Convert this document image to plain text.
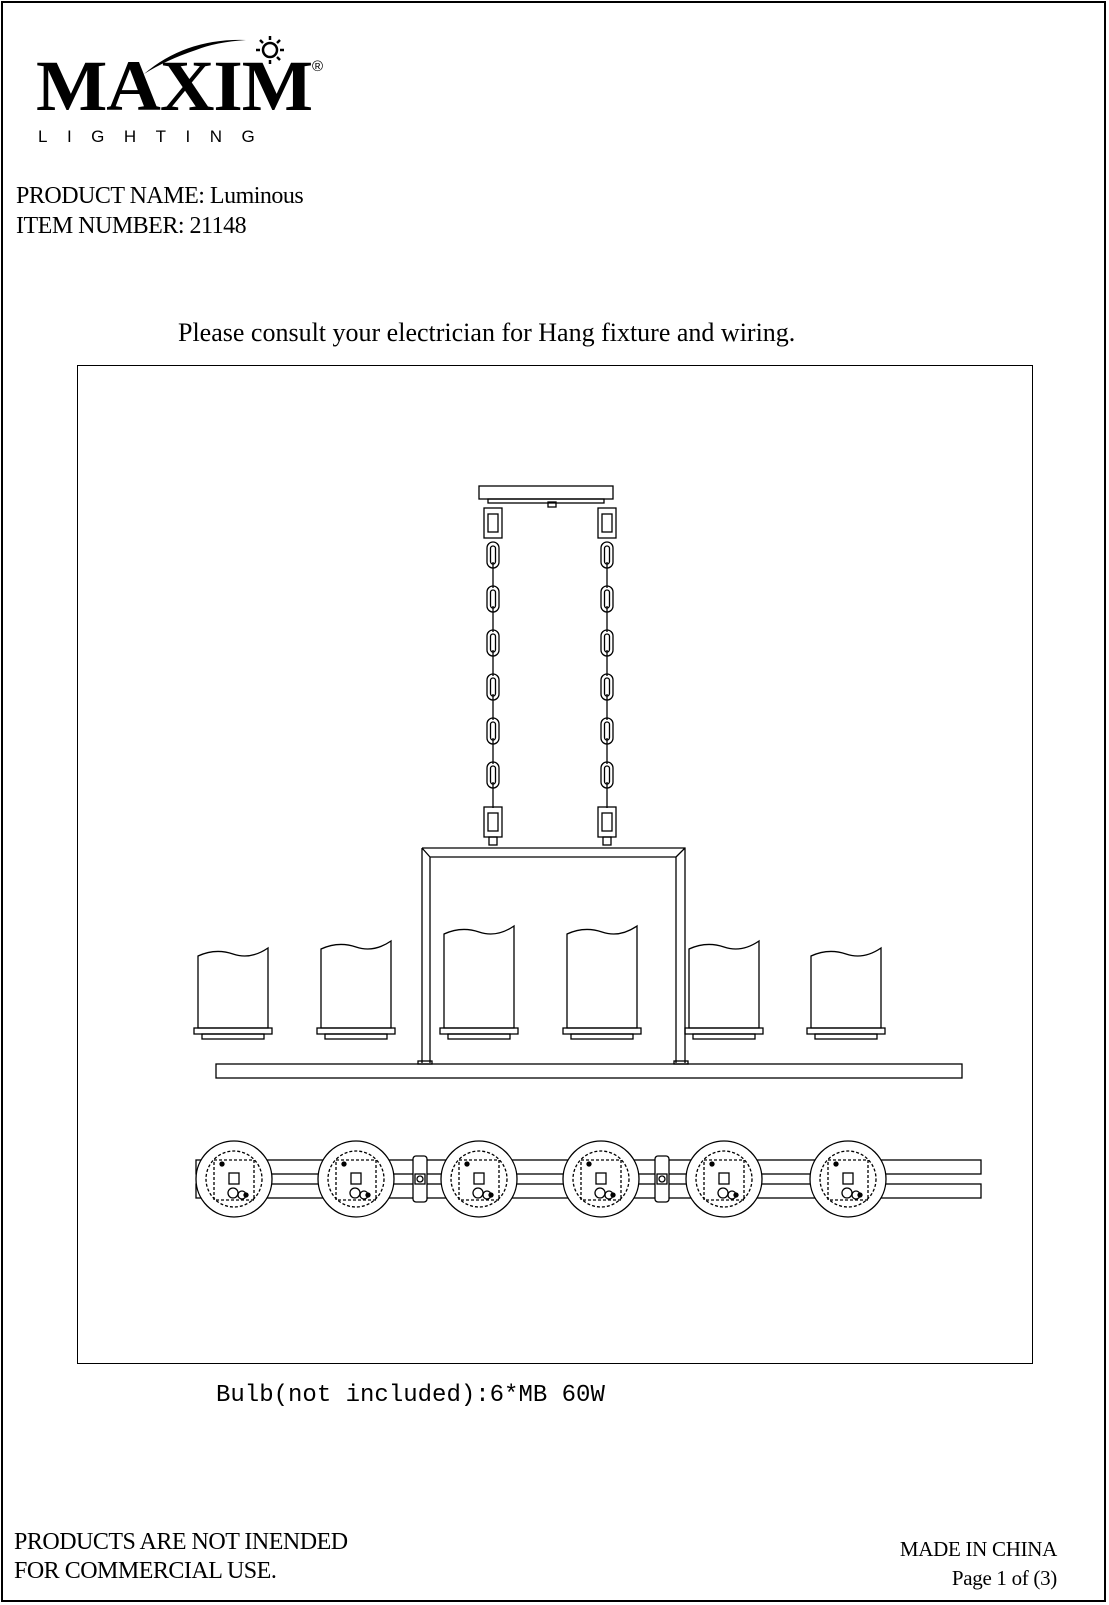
MAXIM ®
LIGHTING
PRODUCT NAME: Luminous
ITEM NUMBER: 21148
Please consult your electrician for Hang fixture and wiring.
Bulb(not included):6*MB 60W
PRODUCTS ARE NOT INENDED
FOR COMMERCIAL USE.
MADE IN CHINA
Page 1 of (3)
